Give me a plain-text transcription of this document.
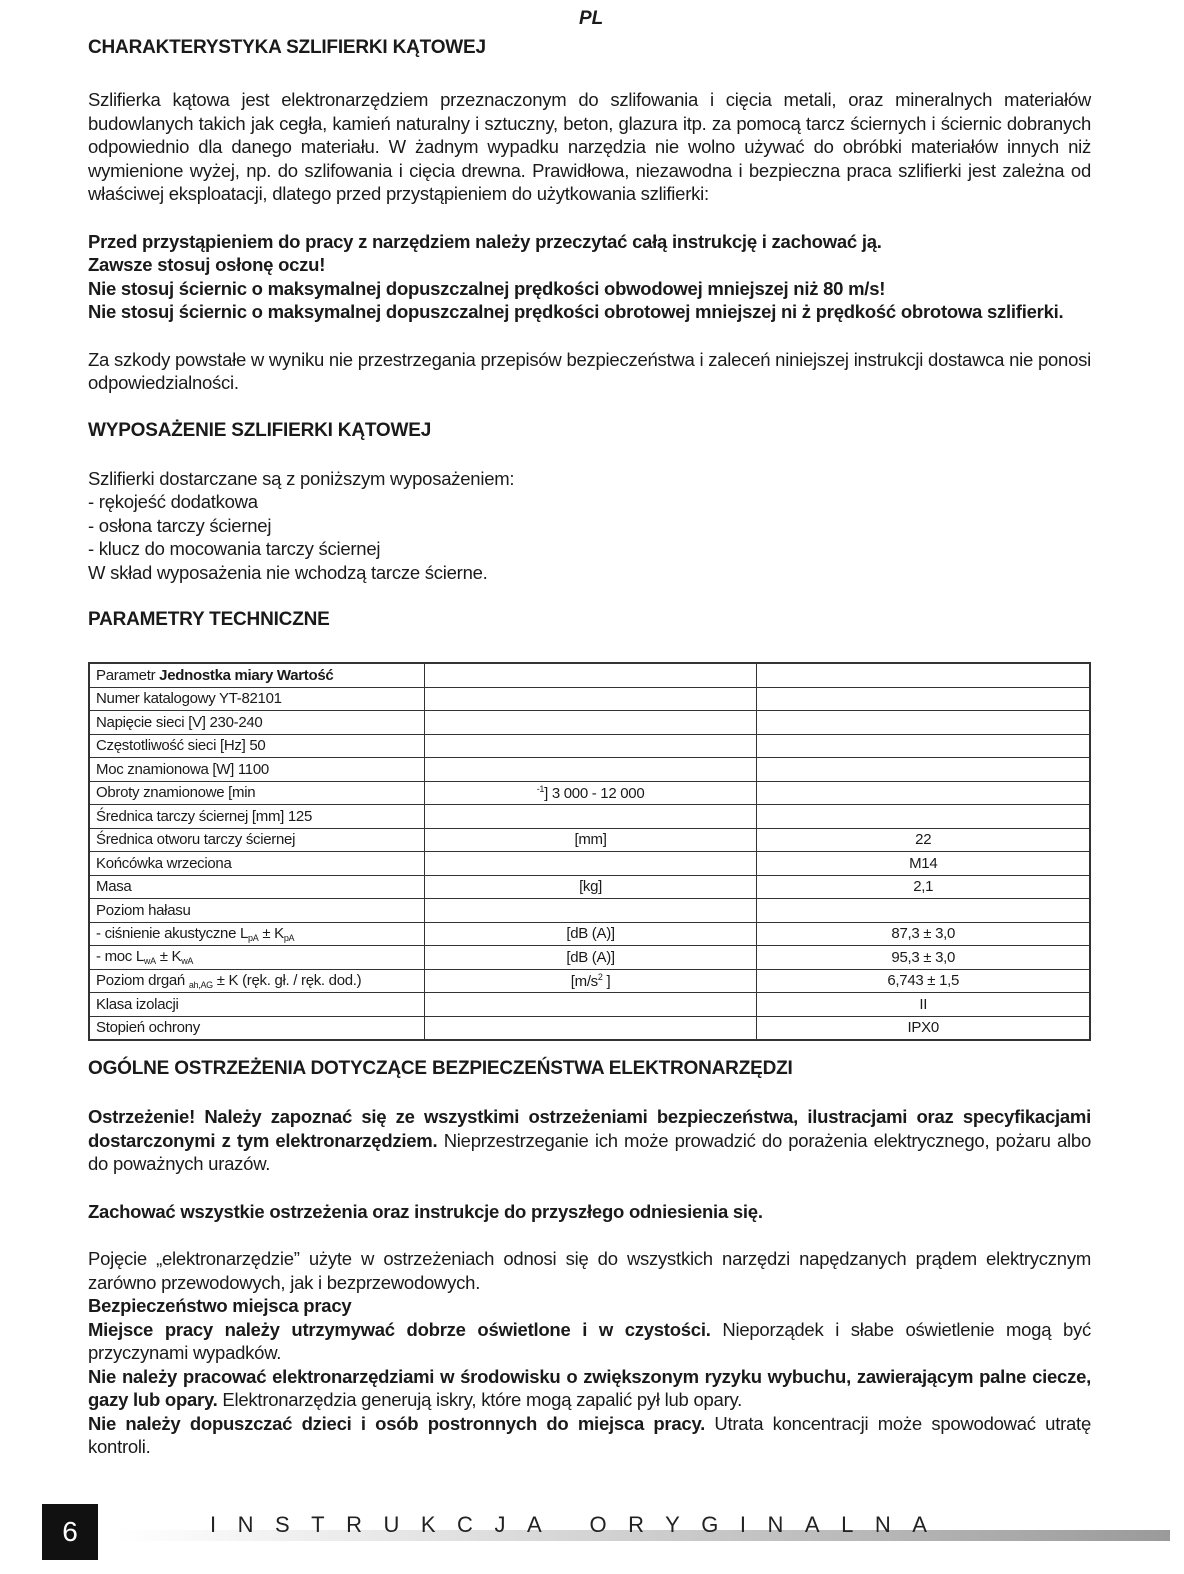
PL

CHARAKTERYSTYKA SZLIFIERKI KĄTOWEJ

Szlifierka kątowa jest elektronarzędziem przeznaczonym do szlifowania i cięcia metali, oraz mineralnych materiałów budowlanych takich jak cegła, kamień naturalny i sztuczny, beton, glazura itp. za pomocą tarcz ściernych i ściernic dobranych odpowiednio dla danego materiału. W żadnym wypadku narzędzia nie wolno używać do obróbki materiałów innych niż wymienione wyżej, np. do szlifowania i cięcia drewna. Prawidłowa, niezawodna i bezpieczna praca szlifierki jest zależna od właściwej eksploatacji, dlatego przed przystąpieniem do użytkowania szlifierki:

Przed przystąpieniem do pracy z narzędziem należy przeczytać całą instrukcję i zachować ją.

Zawsze stosuj osłonę oczu!

Nie stosuj ściernic o maksymalnej dopuszczalnej prędkości obwodowej mniejszej niż 80 m/s!

Nie stosuj ściernic o maksymalnej dopuszczalnej prędkości obrotowej mniejszej ni ż prędkość obrotowa szlifierki.

Za szkody powstałe w wyniku nie przestrzegania przepisów bezpieczeństwa i zaleceń niniejszej instrukcji dostawca nie ponosi odpowiedzialności.

WYPOSAŻENIE SZLIFIERKI KĄTOWEJ

Szlifierki dostarczane są z poniższym wyposażeniem:

- rękojeść dodatkowa

- osłona tarczy ściernej

- klucz do mocowania tarczy ściernej

W skład wyposażenia nie wchodzą tarcze ścierne.

PARAMETRY TECHNICZNE

Parametr Jednostka miary Wartość		
Numer katalogowy YT-82101		
Napięcie sieci [V] 230-240		
Częstotliwość sieci [Hz] 50		
Moc znamionowa [W] 1100		
Obroty znamionowe [min	$^{-1}$] 3 000 - 12 000	
Średnica tarczy ściernej [mm] 125		
Średnica otworu tarczy ściernej	[mm]	22
Końcówka wrzeciona		M14
Masa	[kg]	2,1
Poziom hałasu		
- ciśnienie akustyczne $L_{pA} \pm K_{pA}$	[dB (A)]	87,3 ± 3,0
- moc $L_{wA} \pm K_{wA}$	[dB (A)]	95,3 ± 3,0
Poziom drgań $_{ah,AG}$ ± K (ręk. gł. / ręk. dod.)	[$m/s^2$ ]	6,743 ± 1,5
Klasa izolacji		II
Stopień ochrony		IPX0

OGÓLNE OSTRZEŻENIA DOTYCZĄCE BEZPIECZEŃSTWA ELEKTRONARZĘDZI

Ostrzeżenie! Należy zapoznać się ze wszystkimi ostrzeżeniami bezpieczeństwa, ilustracjami oraz specyfikacjami dostarczonymi z tym elektronarzędziem. Nieprzestrzeganie ich może prowadzić do porażenia elektrycznego, pożaru albo do poważnych urazów.

Zachować wszystkie ostrzeżenia oraz instrukcje do przyszłego odniesienia się.

Pojęcie „elektronarzędzie” użyte w ostrzeżeniach odnosi się do wszystkich narzędzi napędzanych prądem elektrycznym zarówno przewodowych, jak i bezprzewodowych.

Bezpieczeństwo miejsca pracy

Miejsce pracy należy utrzymywać dobrze oświetlone i w czystości. Nieporządek i słabe oświetlenie mogą być przyczynami wypadków.

Nie należy pracować elektronarzędziami w środowisku o zwiększonym ryzyku wybuchu, zawierającym palne ciecze, gazy lub opary. Elektronarzędzia generują iskry, które mogą zapalić pył lub opary.

Nie należy dopuszczać dzieci i osób postronnych do miejsca pracy. Utrata koncentracji może spowodować utratę kontroli.

6	INSTRUKCJA ORYGINALNA
